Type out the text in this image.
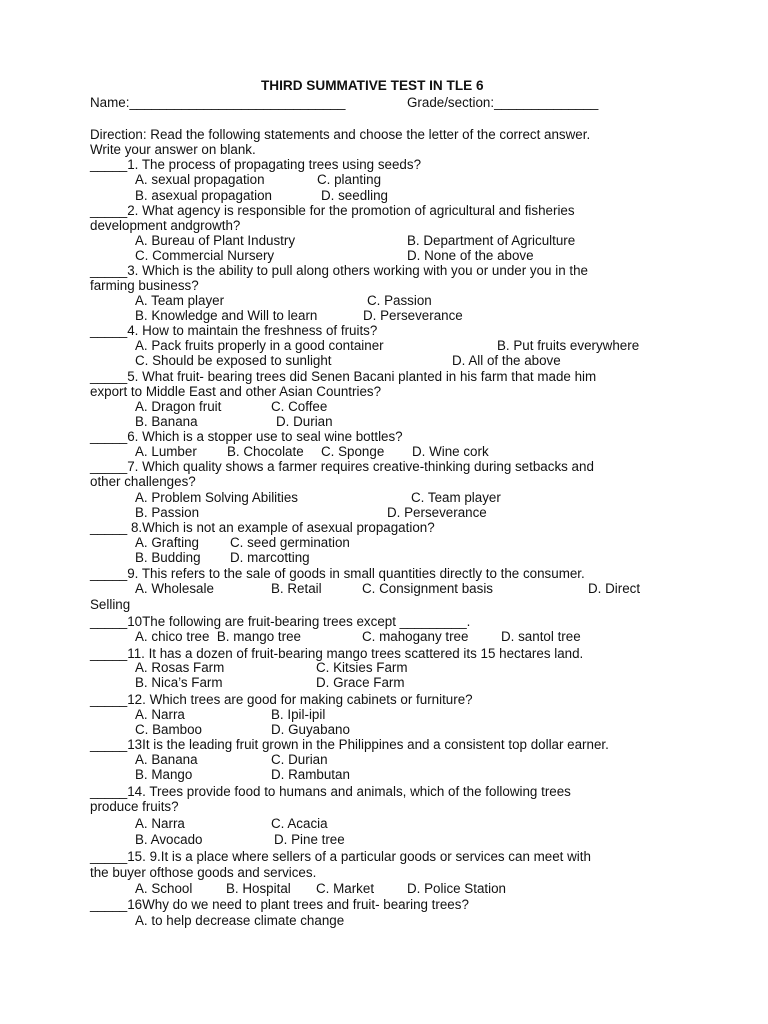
THIRD SUMMATIVE TEST IN TLE 6
Name:_____________________________	Grade/section:______________
Direction: Read the following statements and choose the letter of the correct answer.
Write your answer on blank.
_____1. The process of propagating trees using seeds?
A. sexual propagation	C. planting
B. asexual propagation	D. seedling
_____2. What agency is responsible for the promotion of agricultural and fisheries
development andgrowth?
A. Bureau of Plant Industry	B. Department of Agriculture
C. Commercial Nursery	D. None of the above
_____3. Which is the ability to pull along others working with you or under you in the
farming business?
A. Team player	C. Passion
B. Knowledge and Will to learn	D. Perseverance
_____4. How to maintain the freshness of fruits?
A. Pack fruits properly in a good container	B. Put fruits everywhere
C. Should be exposed to sunlight	D. All of the above
_____5. What fruit- bearing trees did Senen Bacani planted in his farm that made him
export to Middle East and other Asian Countries?
A. Dragon fruit	C. Coffee
B. Banana	D. Durian
_____6. Which is a stopper use to seal wine bottles?
A. Lumber B. Chocolate C. Sponge D. Wine cork
_____7. Which quality shows a farmer requires creative-thinking during setbacks and
other challenges?
A. Problem Solving Abilities	C. Team player
B. Passion	D. Perseverance
_____ 8.Which is not an example of asexual propagation?
A. Grafting C. seed germination
B. Budding D. marcotting
_____9. This refers to the sale of goods in small quantities directly to the consumer.
A. Wholesale	B. Retail	C. Consignment basis	D. Direct
Selling
_____10The following are fruit-bearing trees except _________.
A. chico tree  B. mango tree	C. mahogany tree D. santol tree
_____11. It has a dozen of fruit-bearing mango trees scattered its 15 hectares land.
A. Rosas Farm	C. Kitsies Farm
B. Nica’s Farm	D. Grace Farm
_____12. Which trees are good for making cabinets or furniture?
A. Narra	B. Ipil-ipil
C. Bamboo	D. Guyabano
_____13It is the leading fruit grown in the Philippines and a consistent top dollar earner.
A. Banana	C. Durian
B. Mango	D. Rambutan
_____14. Trees provide food to humans and animals, which of the following trees
produce fruits?
A. Narra	C. Acacia
B. Avocado	D. Pine tree
_____15. 9.It is a place where sellers of a particular goods or services can meet with
the buyer ofthose goods and services.
A. School	B. Hospital C. Market D. Police Station
_____16Why do we need to plant trees and fruit- bearing trees?
A. to help decrease climate change
